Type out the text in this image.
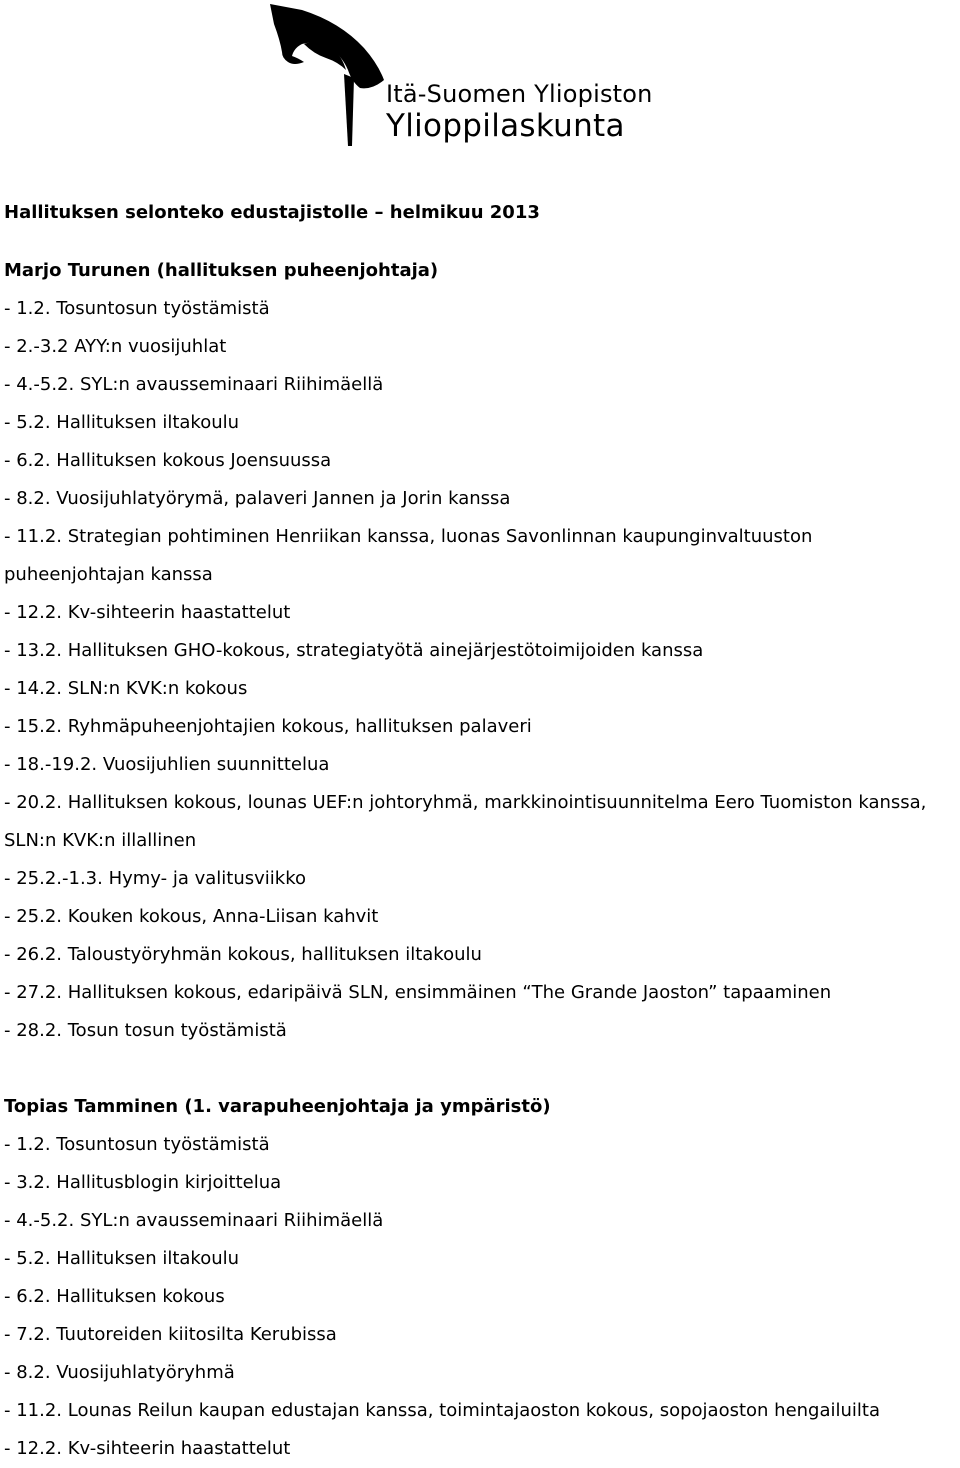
Itä-Suomen Yliopiston
Ylioppilaskunta
Hallituksen selonteko edustajistolle – helmikuu 2013
Marjo Turunen (hallituksen puheenjohtaja)
- 1.2. Tosuntosun työstämistä
- 2.-3.2 AYY:n vuosijuhlat
- 4.-5.2. SYL:n avausseminaari Riihimäellä
- 5.2. Hallituksen iltakoulu
- 6.2. Hallituksen kokous Joensuussa
- 8.2. Vuosijuhlatyörymä, palaveri Jannen ja Jorin kanssa
- 11.2. Strategian pohtiminen Henriikan kanssa, luonas Savonlinnan kaupunginvaltuuston puheenjohtajan kanssa
- 12.2. Kv-sihteerin haastattelut
- 13.2. Hallituksen GHO-kokous, strategiatyötä ainejärjestötoimijoiden kanssa
- 14.2. SLN:n KVK:n kokous
- 15.2. Ryhmäpuheenjohtajien kokous, hallituksen palaveri
- 18.-19.2. Vuosijuhlien suunnittelua
- 20.2. Hallituksen kokous, lounas UEF:n johtoryhmä, markkinointisuunnitelma Eero Tuomiston kanssa, SLN:n KVK:n illallinen
- 25.2.-1.3. Hymy- ja valitusviikko
- 25.2. Kouken kokous, Anna-Liisan kahvit
- 26.2. Taloustyöryhmän kokous, hallituksen iltakoulu
- 27.2. Hallituksen kokous, edaripäivä SLN, ensimmäinen “The Grande Jaoston” tapaaminen
- 28.2. Tosun tosun työstämistä
Topias Tamminen (1. varapuheenjohtaja ja ympäristö)
- 1.2. Tosuntosun työstämistä
- 3.2. Hallitusblogin kirjoittelua
- 4.-5.2. SYL:n avausseminaari Riihimäellä
- 5.2. Hallituksen iltakoulu
- 6.2. Hallituksen kokous
- 7.2. Tuutoreiden kiitosilta Kerubissa
- 8.2. Vuosijuhlatyöryhmä
- 11.2. Lounas Reilun kaupan edustajan kanssa, toimintajaoston kokous, sopojaoston hengailuilta
- 12.2. Kv-sihteerin haastattelut
